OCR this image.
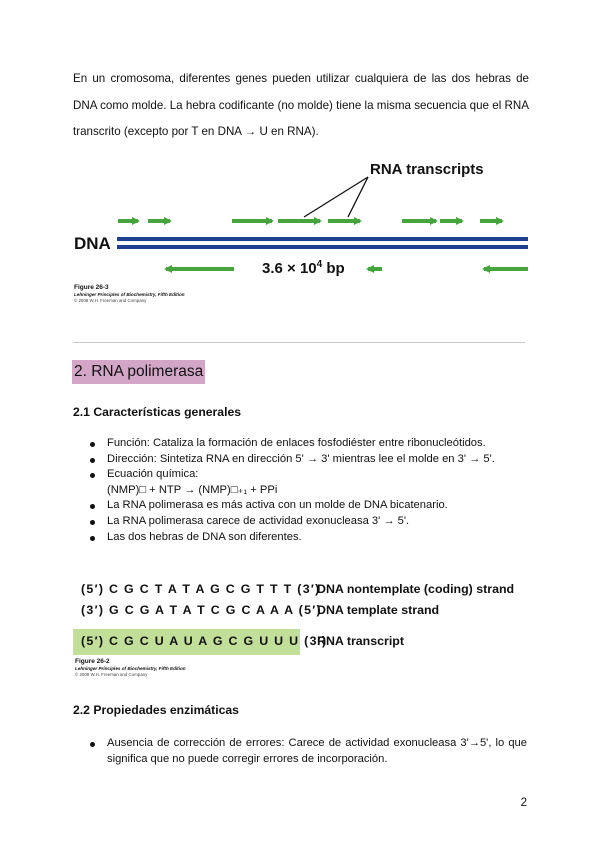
En un cromosoma, diferentes genes pueden utilizar cualquiera de las dos hebras de DNA como molde. La hebra codificante (no molde) tiene la misma secuencia que el RNA transcrito (excepto por T en DNA → U en RNA).

RNA transcripts
DNA
$3.6 \times 10^4$ bp
Figure 26-3
Lehninger Principles of Biochemistry, Fifth Edition
© 2008 W.H. Freeman and Company
2. RNA polimerasa
2.1 Características generales
Función: Cataliza la formación de enlaces fosfodiéster entre ribonucleótidos.
Dirección: Sintetiza RNA en dirección 5' → 3' mientras lee el molde en 3' → 5'.
Ecuación química:
(NMP)□ + NTP → (NMP)□₊₁ + PPi
La RNA polimerasa es más activa con un molde de DNA bicatenario.
La RNA polimerasa carece de actividad exonucleasa 3' → 5'.
Las dos hebras de DNA son diferentes.
(5′) C G C T A T A G C G T T T (3′)
DNA nontemplate (coding) strand
(3′) G C G A T A T C G C A A A (5′)
DNA template strand
(5′) C G C U A U A G C G U U U (3′)
RNA transcript
Figure 26-2
Lehninger Principles of Biochemistry, Fifth Edition
© 2008 W.H. Freeman and Company
2.2 Propiedades enzimáticas
Ausencia de corrección de errores: Carece de actividad exonucleasa 3'→5', lo que significa que no puede corregir errores de incorporación.
2
